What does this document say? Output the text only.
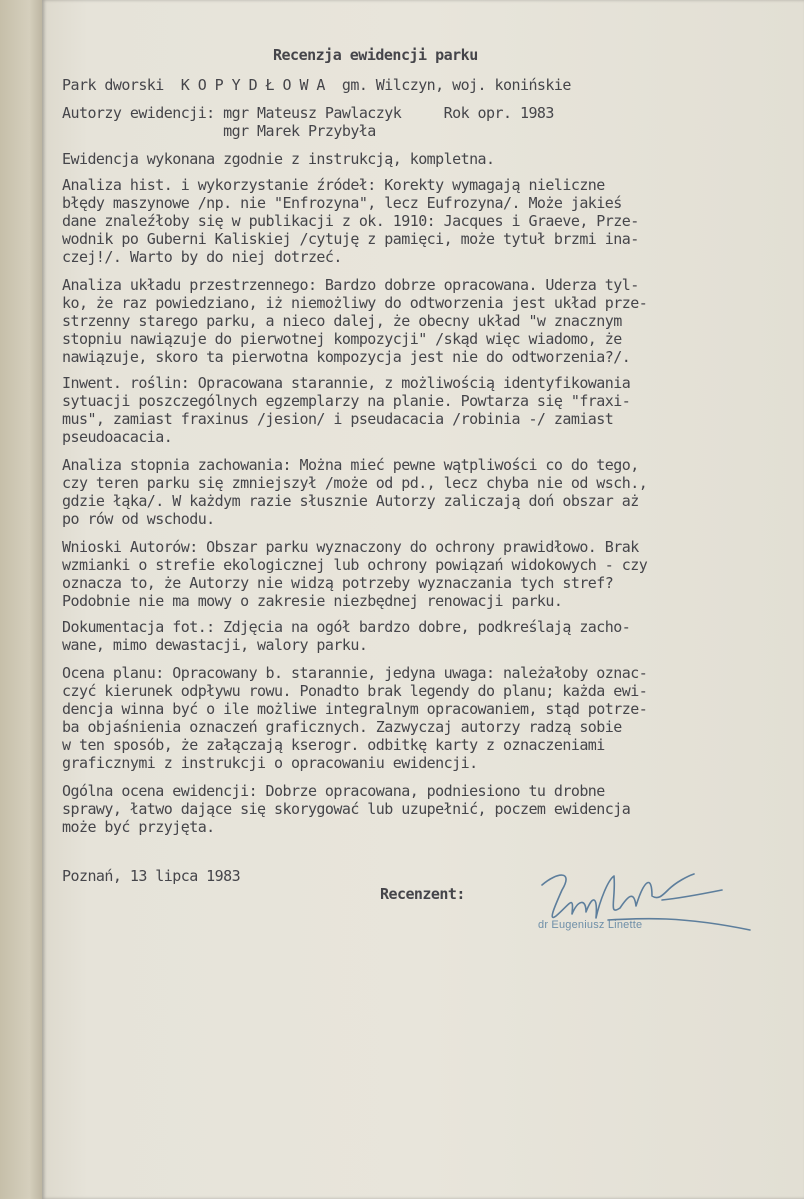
Recenzja ewidencji parku

Park dworski  K O P Y D Ł O W A  gm. Wilczyn, woj. konińskie
Autorzy ewidencji: mgr Mateusz Pawlaczyk     Rok opr. 1983
mgr Marek Przybyła
Ewidencja wykonana zgodnie z instrukcją, kompletna.
Analiza hist. i wykorzystanie źródeł: Korekty wymagają nieliczne
błędy maszynowe /np. nie "Enfrozyna", lecz Eufrozyna/. Może jakieś
dane znaleźłoby się w publikacji z ok. 1910: Jacques i Graeve, Prze-
wodnik po Guberni Kaliskiej /cytuję z pamięci, może tytuł brzmi ina-
czej!/. Warto by do niej dotrzeć.
Analiza układu przestrzennego: Bardzo dobrze opracowana. Uderza tyl-
ko, że raz powiedziano, iż niemożliwy do odtworzenia jest układ prze-
strzenny starego parku, a nieco dalej, że obecny układ "w znacznym
stopniu nawiązuje do pierwotnej kompozycji" /skąd więc wiadomo, że
nawiązuje, skoro ta pierwotna kompozycja jest nie do odtworzenia?/.
Inwent. roślin: Opracowana starannie, z możliwością identyfikowania
sytuacji poszczególnych egzemplarzy na planie. Powtarza się "fraxi-
mus", zamiast fraxinus /jesion/ i pseudacacia /robinia -/ zamiast
pseudoacacia.
Analiza stopnia zachowania: Można mieć pewne wątpliwości co do tego,
czy teren parku się zmniejszył /może od pd., lecz chyba nie od wsch.,
gdzie łąka/. W każdym razie słusznie Autorzy zaliczają doń obszar aż
po rów od wschodu.
Wnioski Autorów: Obszar parku wyznaczony do ochrony prawidłowo. Brak
wzmianki o strefie ekologicznej lub ochrony powiązań widokowych - czy
oznacza to, że Autorzy nie widzą potrzeby wyznaczania tych stref?
Podobnie nie ma mowy o zakresie niezbędnej renowacji parku.
Dokumentacja fot.: Zdjęcia na ogół bardzo dobre, podkreślają zacho-
wane, mimo dewastacji, walory parku.
Ocena planu: Opracowany b. starannie, jedyna uwaga: należałoby oznac-
czyć kierunek odpływu rowu. Ponadto brak legendy do planu; każda ewi-
dencja winna być o ile możliwe integralnym opracowaniem, stąd potrze-
ba objaśnienia oznaczeń graficznych. Zazwyczaj autorzy radzą sobie
w ten sposób, że załączają kserogr. odbitkę karty z oznaczeniami
graficznymi z instrukcji o opracowaniu ewidencji.
Ogólna ocena ewidencji: Dobrze opracowana, podniesiono tu drobne
sprawy, łatwo dające się skorygować lub uzupełnić, poczem ewidencja
może być przyjęta.

Poznań, 13 lipca 1983

Recenzent:

dr Eugeniusz Linette
